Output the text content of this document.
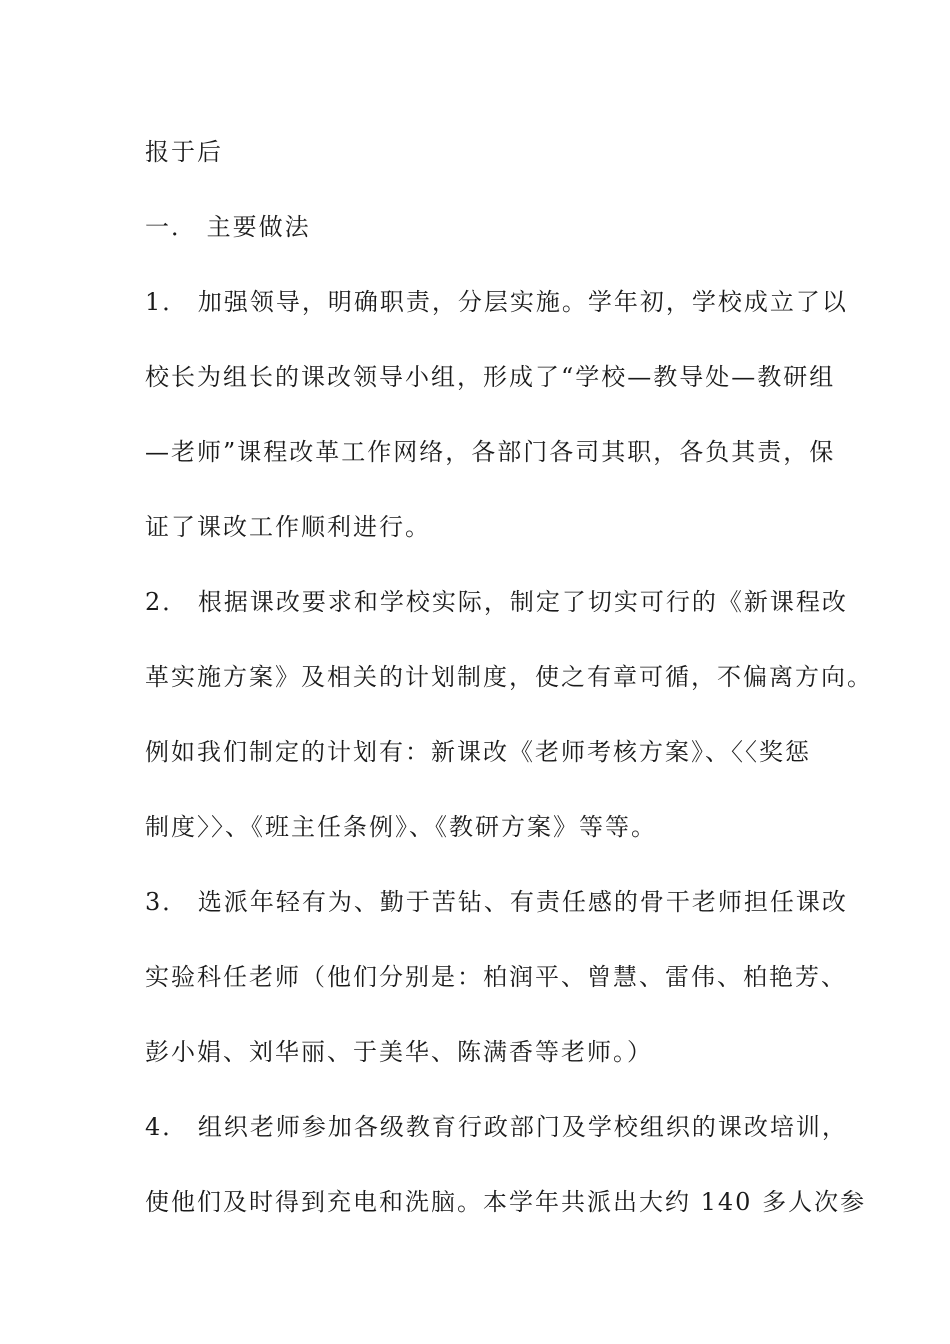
报于后
一． 主要做法
1． 加强领导，明确职责，分层实施。学年初，学校成立了以
校长为组长的课改领导小组，形成了“学校—教导处—教研组
—老师”课程改革工作网络，各部门各司其职，各负其责，保
证了课改工作顺利进行。
2． 根据课改要求和学校实际，制定了切实可行的《新课程改
革实施方案》及相关的计划制度，使之有章可循，不偏离方向。
例如我们制定的计划有：新课改《老师考核方案》、〈〈奖惩
制度〉〉、《班主任条例》、《教研方案》等等。
3． 选派年轻有为、勤于苦钻、有责任感的骨干老师担任课改
实验科任老师（他们分别是：柏润平、曾慧、雷伟、柏艳芳、
彭小娟、刘华丽、于美华、陈满香等老师。）
4． 组织老师参加各级教育行政部门及学校组织的课改培训，
使他们及时得到充电和洗脑。本学年共派出大约 140 多人次参
